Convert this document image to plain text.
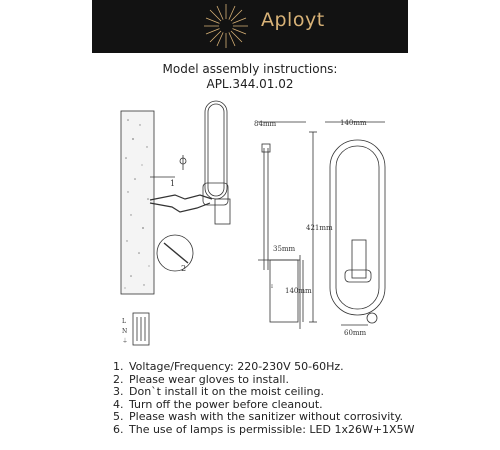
Aployt
Model assembly instructions:
APL.344.01.02
1
2
L
N
⏚
I
84mm	140mm
421mm
35mm
140mm
60mm
1. Voltage/Frequency: 220-230V 50-60Hz.
2. Please wear gloves to install.
3. Don`t install it on the moist ceiling.
4. Turn off the power before cleanout.
5. Please wash with the sanitizer without corrosivity.
6. The use of lamps is permissible: LED 1x26W+1X5W
